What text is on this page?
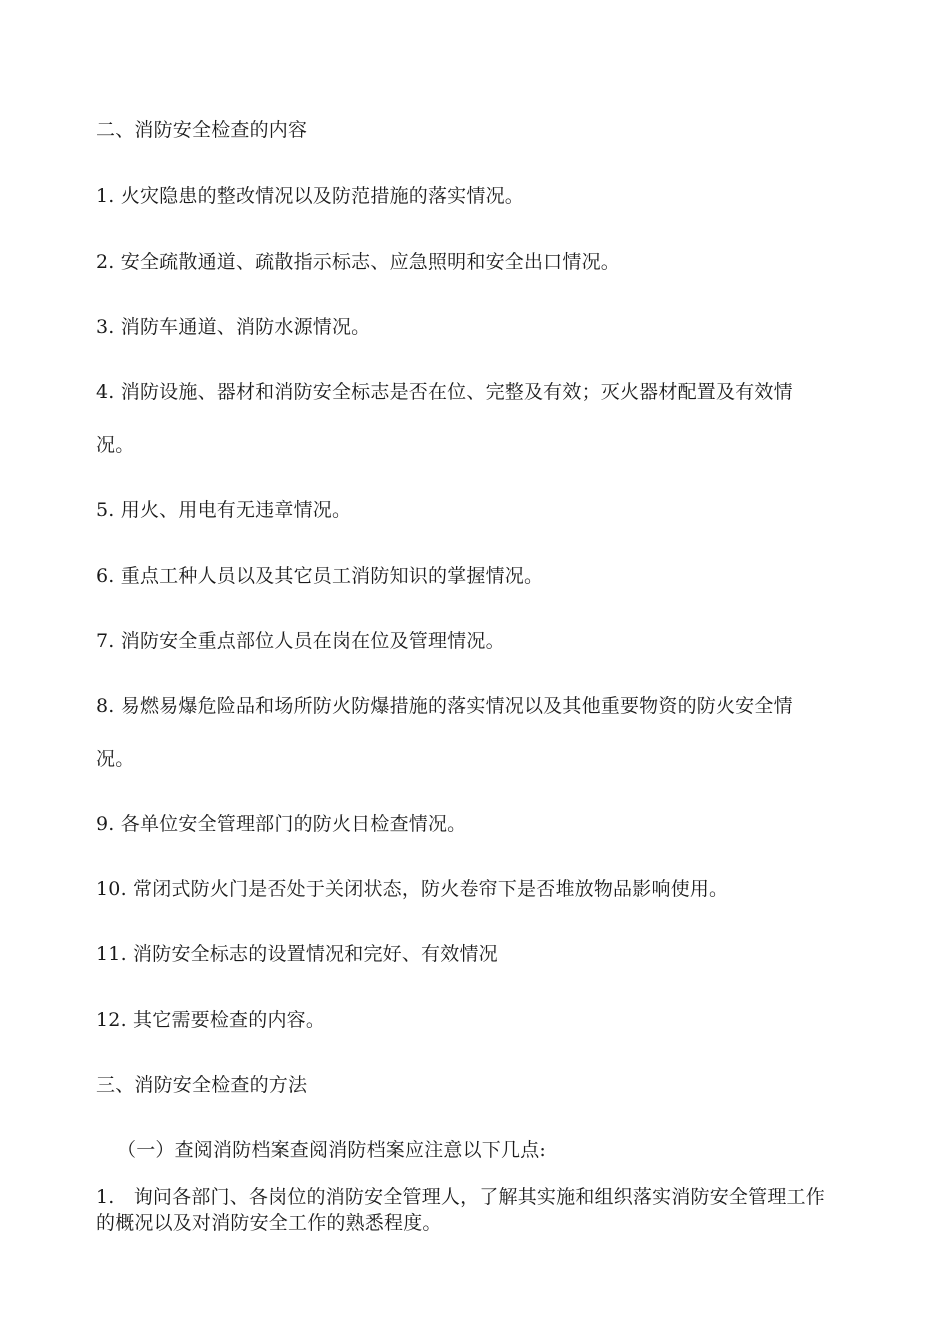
二、消防安全检查的内容
1. 火灾隐患的整改情况以及防范措施的落实情况。
2. 安全疏散通道、疏散指示标志、应急照明和安全出口情况。
3. 消防车通道、消防水源情况。
4. 消防设施、器材和消防安全标志是否在位、完整及有效；灭火器材配置及有效情
况。
5. 用火、用电有无违章情况。
6. 重点工种人员以及其它员工消防知识的掌握情况。
7. 消防安全重点部位人员在岗在位及管理情况。
8. 易燃易爆危险品和场所防火防爆措施的落实情况以及其他重要物资的防火安全情
况。
9. 各单位安全管理部门的防火日检查情况。
10. 常闭式防火门是否处于关闭状态，防火卷帘下是否堆放物品影响使用。
11. 消防安全标志的设置情况和完好、有效情况
12. 其它需要检查的内容。
三、消防安全检查的方法
（一）查阅消防档案查阅消防档案应注意以下几点:
1.　询问各部门、各岗位的消防安全管理人，了解其实施和组织落实消防安全管理工作的概况以及对消防安全工作的熟悉程度。
